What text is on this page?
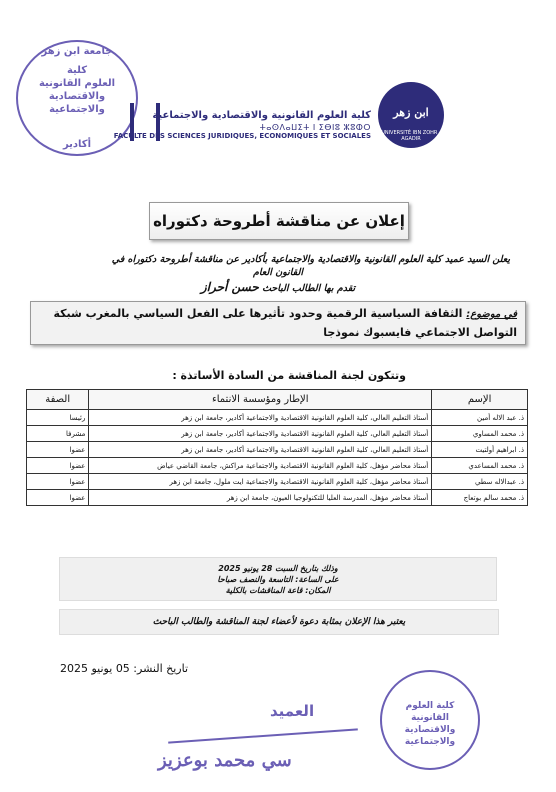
جامعة ابن زهر
كلية
العلوم القانونية
والاقتصادية
والاجتماعية
أكادير
كلية العلوم القانونية والاقتصادية والاجتماعية
ⵜⴰⵙⴷⴰⵡⵉⵜ ⵏ ⵉⴱⵏⵓ ⵣⵓⵀⵔ
FACULTE DES SCIENCES JURIDIQUES, ECONOMIQUES ET SOCIALES
ابن زهر
UNIVERSITÉ IBN ZOHR - AGADIR
إعلان عن مناقشة أطروحة دكتوراه
يعلن السيد عميد كلية العلوم القانونية والاقتصادية والاجتماعية بأكادير عن مناقشة أطروحة دكتوراه في
القانون العام
تقدم بها الطالب الباحث حسن أحراز
في موضوع: الثقافة السياسية الرقمية وحدود تأثيرها على الفعل السياسي بالمغرب شبكة التواصل الاجتماعي فايسبوك نموذجا
وتتكون لجنة المناقشة من السادة الأساتذة :
الإسم	الإطار ومؤسسة الانتماء	الصفة
ذ. عبد الاله أمين	أستاذ التعليم العالي، كلية العلوم القانونية الاقتصادية والاجتماعية أكادير، جامعة ابن زهر	رئيسا
ذ. محمد المساوي	أستاذ التعليم العالي، كلية العلوم القانونية الاقتصادية والاجتماعية أكادير، جامعة ابن زهر	مشرفا
ذ. ابراهيم أولتيت	أستاذ التعليم العالي، كلية العلوم القانونية الاقتصادية والاجتماعية أكادير، جامعة ابن زهر	عضوا
ذ. محمد المساعدي	أستاذ محاضر مؤهل، كلية العلوم القانونية الاقتصادية والاجتماعية مراكش، جامعة القاضي عياض	عضوا
ذ. عبدالاله سطي	أستاذ محاضر مؤهل، كلية العلوم القانونية الاقتصادية والاجتماعية ايت ملول، جامعة ابن زهر	عضوا
ذ. محمد سالم بوتعاج	أستاذ محاضر مؤهل، المدرسة العليا للتكنولوجيا العيون، جامعة ابن زهر	عضوا
وذلك بتاريخ السبت 28 يونيو 2025
على الساعة: التاسعة والنصف صباحا
المكان: قاعة المناقشات بالكلية
يعتبر هذا الإعلان بمثابة دعوة لأعضاء لجنة المناقشة والطالب الباحث
تاريخ النشر: 05 يونيو 2025
كلية العلوم
القانونية والاقتصادية
والاجتماعية
العميد
سي محمد بوعزيز
